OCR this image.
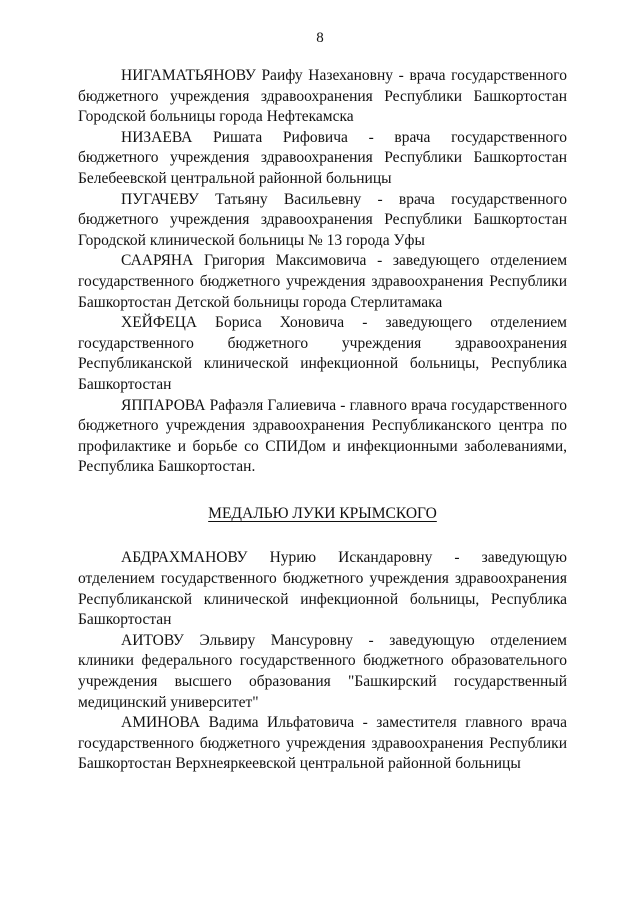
8

НИГАМАТЬЯНОВУ Раифу Назехановну - врача государственного бюджетного учреждения здравоохранения Республики Башкортостан Городской больницы города Нефтекамска

НИЗАЕВА Ришата Рифовича - врача государственного бюджетного учреждения здравоохранения Республики Башкортостан Белебеевской центральной районной больницы

ПУГАЧЕВУ Татьяну Васильевну - врача государственного бюджетного учреждения здравоохранения Республики Башкортостан Городской клинической больницы № 13 города Уфы

СААРЯНА Григория Максимовича - заведующего отделением государственного бюджетного учреждения здравоохранения Республики Башкортостан Детской больницы города Стерлитамака

ХЕЙФЕЦА Бориса Хоновича - заведующего отделением государственного бюджетного учреждения здравоохранения Республиканской клинической инфекционной больницы, Республика Башкортостан

ЯППАРОВА Рафаэля Галиевича - главного врача государственного бюджетного учреждения здравоохранения Республиканского центра по профилактике и борьбе со СПИДом и инфекционными заболеваниями, Республика Башкортостан.

МЕДАЛЬЮ ЛУКИ КРЫМСКОГО

АБДРАХМАНОВУ Нурию Искандаровну - заведующую отделением государственного бюджетного учреждения здравоохранения Республиканской клинической инфекционной больницы, Республика Башкортостан

АИТОВУ Эльвиру Мансуровну - заведующую отделением клиники федерального государственного бюджетного образовательного учреждения высшего образования "Башкирский государственный медицинский университет"

АМИНОВА Вадима Ильфатовича - заместителя главного врача государственного бюджетного учреждения здравоохранения Республики Башкортостан Верхнеяркеевской центральной районной больницы
